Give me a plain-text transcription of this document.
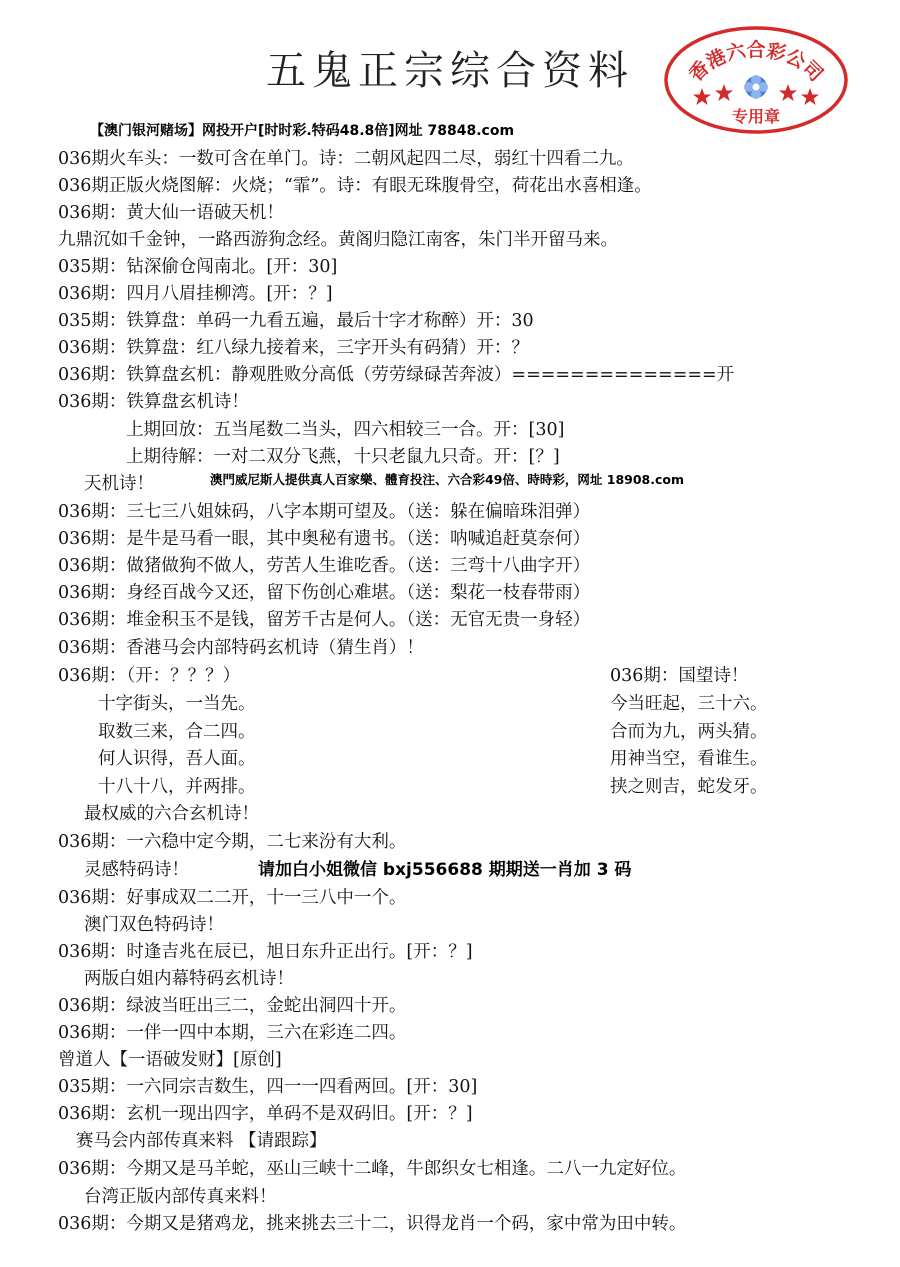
五鬼正宗综合资料	香港六合彩公司
专用章
【澳门银河赌场】网投开户[时时彩.特码48.8倍]网址 78848.com
036期火车头：一数可含在单门。诗：二朝风起四二尽，弱红十四看二九。
036期正版火烧图解：火烧；“霏”。诗：有眼无珠腹骨空，荷花出水喜相逢。
036期：黄大仙一语破天机！
九鼎沉如千金钟，一路西游狗念经。黄阁归隐江南客，朱门半开留马来。
035期：钻深偷仓闯南北。[开：30]
036期：四月八眉挂柳湾。[开：？]
035期：铁算盘：单码一九看五遍，最后十字才称醉）开：30
036期：铁算盘：红八绿九接着来，三字开头有码猜）开：？
036期：铁算盘玄机：静观胜败分高低（劳劳绿碌苦奔波）==============开
036期：铁算盘玄机诗！
上期回放：五当尾数二当头，四六相较三一合。开：[30]
上期待解：一对二双分飞燕，十只老鼠九只奇。开：[？]
澳門威尼斯人提供真人百家樂、體育投注、六合彩49倍、時時彩，网址 18908.com
天机诗！
036期：三七三八姐妹码，八字本期可望及。（送：躲在偏暗珠泪弹）
036期：是牛是马看一眼，其中奥秘有遗书。（送：呐喊追赶莫奈何）
036期：做猪做狗不做人，劳苦人生谁吃香。（送：三弯十八曲字开）
036期：身经百战今又还，留下伤创心难堪。（送：梨花一枝春带雨）
036期：堆金积玉不是钱，留芳千古是何人。（送：无官无贵一身轻）
036期：香港马会内部特码玄机诗（猜生肖）！
036期：（开：？？？）
十字街头，一当先。
取数三来，合二四。
何人识得，吾人面。
十八十八，并两排。
036期：国望诗！
今当旺起，三十六。
合而为九，两头猜。
用神当空，看谁生。
挟之则吉，蛇发牙。
最权威的六合玄机诗！
036期：一六稳中定今期，二七来汾有大利。
灵感特码诗！	请加白小姐微信 bxj556688 期期送一肖加 3 码
036期：好事成双二二开，十一三八中一个。
澳门双色特码诗！
036期：时逢吉兆在辰已，旭日东升正出行。[开：？]
两版白姐内幕特码玄机诗！
036期：绿波当旺出三二，金蛇出洞四十开。
036期：一伴一四中本期，三六在彩连二四。
曾道人【一语破发财】[原创]
035期：一六同宗吉数生，四一一四看两回。[开：30]
036期：玄机一现出四字，单码不是双码旧。[开：？]
赛马会内部传真来料 【请跟踪】
036期：今期又是马羊蛇，巫山三峡十二峰，牛郎织女七相逢。二八一九定好位。
台湾正版内部传真来料！
036期：今期又是猪鸡龙，挑来挑去三十二，识得龙肖一个码，家中常为田中转。
